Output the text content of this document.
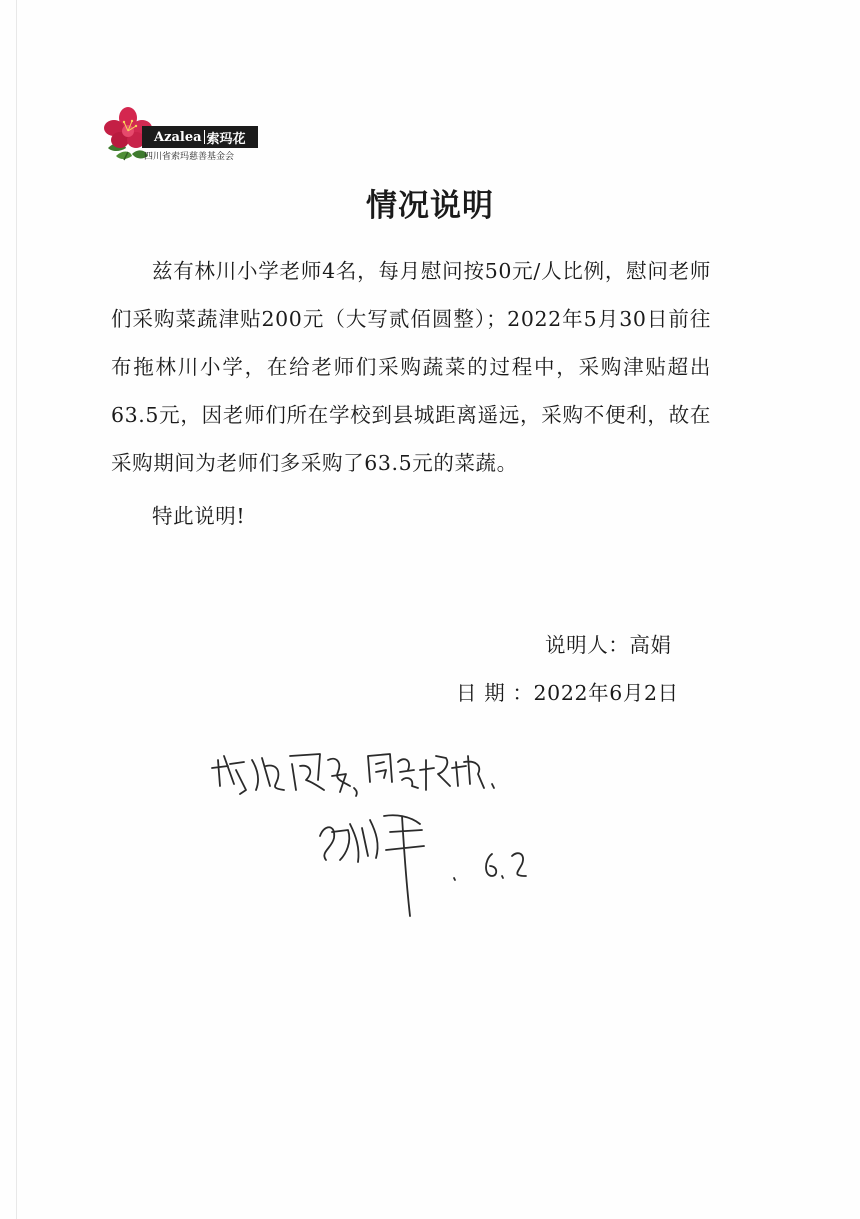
Azalea 索玛花
四川省索玛慈善基金会
情况说明

兹有林川小学老师4名，每月慰问按50元/人比例，慰问老师们采购菜蔬津贴200元（大写贰佰圆整）；2022年5月30日前往布拖林川小学，在给老师们采购蔬菜的过程中，采购津贴超出63.5元，因老师们所在学校到县城距离遥远，采购不便利，故在采购期间为老师们多采购了63.5元的菜蔬。

特此说明!

说明人：高娟
日 期 ：2022年6月2日
